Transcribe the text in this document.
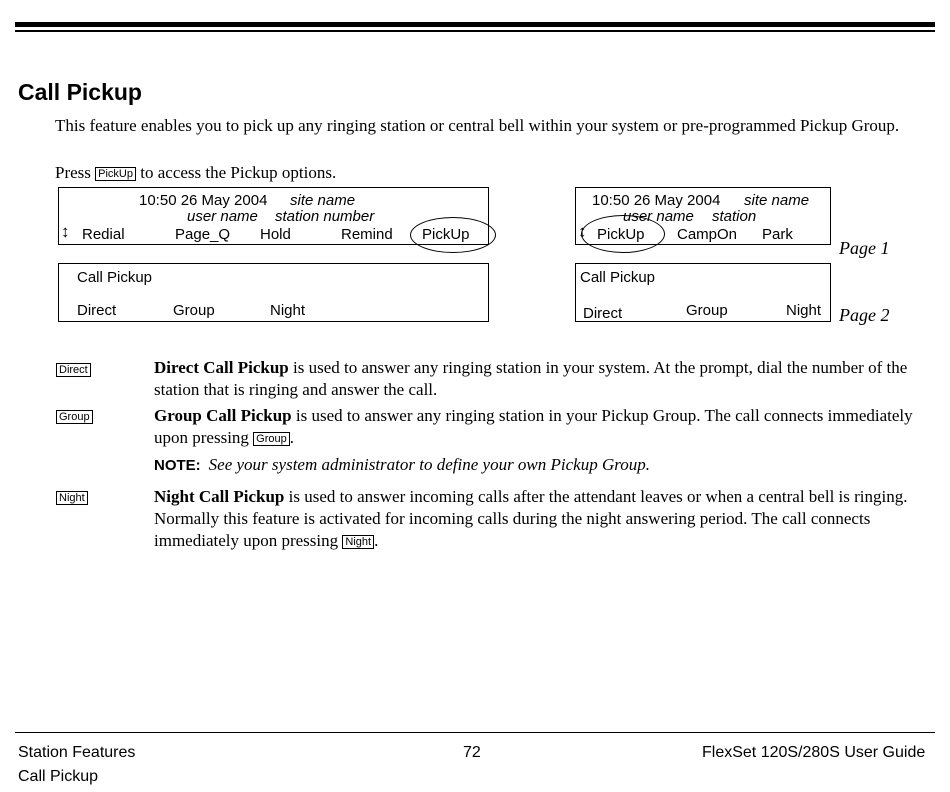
Call Pickup
This feature enables you to pick up any ringing station or central bell within your system or pre-programmed Pickup Group.
Press PickUp to access the Pickup options.
10:50 26 May 2004 site name
user name station number
↕ Redial	Page_Q Hold	Remind PickUp
Call Pickup
Direct	Group	Night
10:50 26 May 2004 site name
user name station
↕ PickUp CampOn Park
Call Pickup
Direct	Group	Night
Page 1
Page 2
Direct	Direct Call Pickup is used to answer any ringing station in your system. At the prompt, dial the number of the station that is ringing and answer the call.
Group	Group Call Pickup is used to answer any ringing station in your Pickup Group. The call connects immediately upon pressing Group .
NOTE: See your system administrator to define your own Pickup Group.
Night	Night Call Pickup is used to answer incoming calls after the attendant leaves or when a central bell is ringing. Normally this feature is activated for incoming calls during the night answering period. The call connects immediately upon pressing Night .
Station Features
Call Pickup
72	FlexSet 120S/280S User Guide
